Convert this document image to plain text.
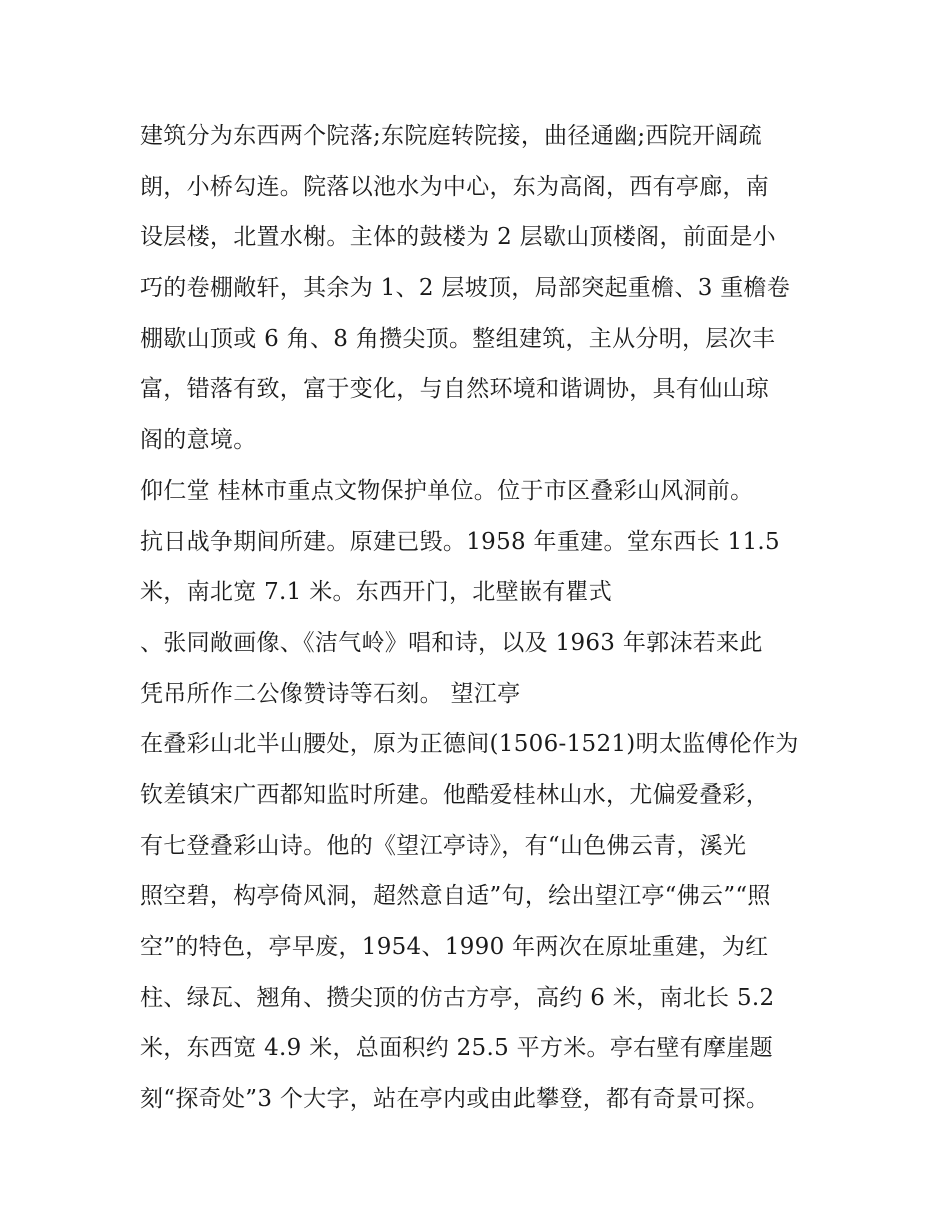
建筑分为东西两个院落;东院庭转院接，曲径通幽;西院开阔疏
朗，小桥勾连。院落以池水为中心，东为高阁，西有亭廊，南
设层楼，北置水榭。主体的鼓楼为 2 层歇山顶楼阁，前面是小
巧的卷棚敞轩，其余为 1、2 层坡顶，局部突起重檐、3 重檐卷
棚歇山顶或 6 角、8 角攒尖顶。整组建筑，主从分明，层次丰
富，错落有致，富于变化，与自然环境和谐调协，具有仙山琼
阁的意境。
仰仁堂 桂林市重点文物保护单位。位于市区叠彩山风洞前。
抗日战争期间所建。原建已毁。1958 年重建。堂东西长 11.5
米，南北宽 7.1 米。东西开门，北壁嵌有瞿式
、张同敞画像、《洁气岭》唱和诗，以及 1963 年郭沫若来此
凭吊所作二公像赞诗等石刻。 望江亭
在叠彩山北半山腰处，原为正德间(1506-1521)明太监傅伦作为
钦差镇宋广西都知监时所建。他酷爱桂林山水，尤偏爱叠彩，
有七登叠彩山诗。他的《望江亭诗》，有“山色佛云青，溪光
照空碧，构亭倚风洞，超然意自适”句，绘出望江亭“佛云”“照
空”的特色，亭早废，1954、1990 年两次在原址重建，为红
柱、绿瓦、翘角、攒尖顶的仿古方亭，高约 6 米，南北长 5.2
米，东西宽 4.9 米，总面积约 25.5 平方米。亭右壁有摩崖题
刻“探奇处”3 个大字，站在亭内或由此攀登，都有奇景可探。
